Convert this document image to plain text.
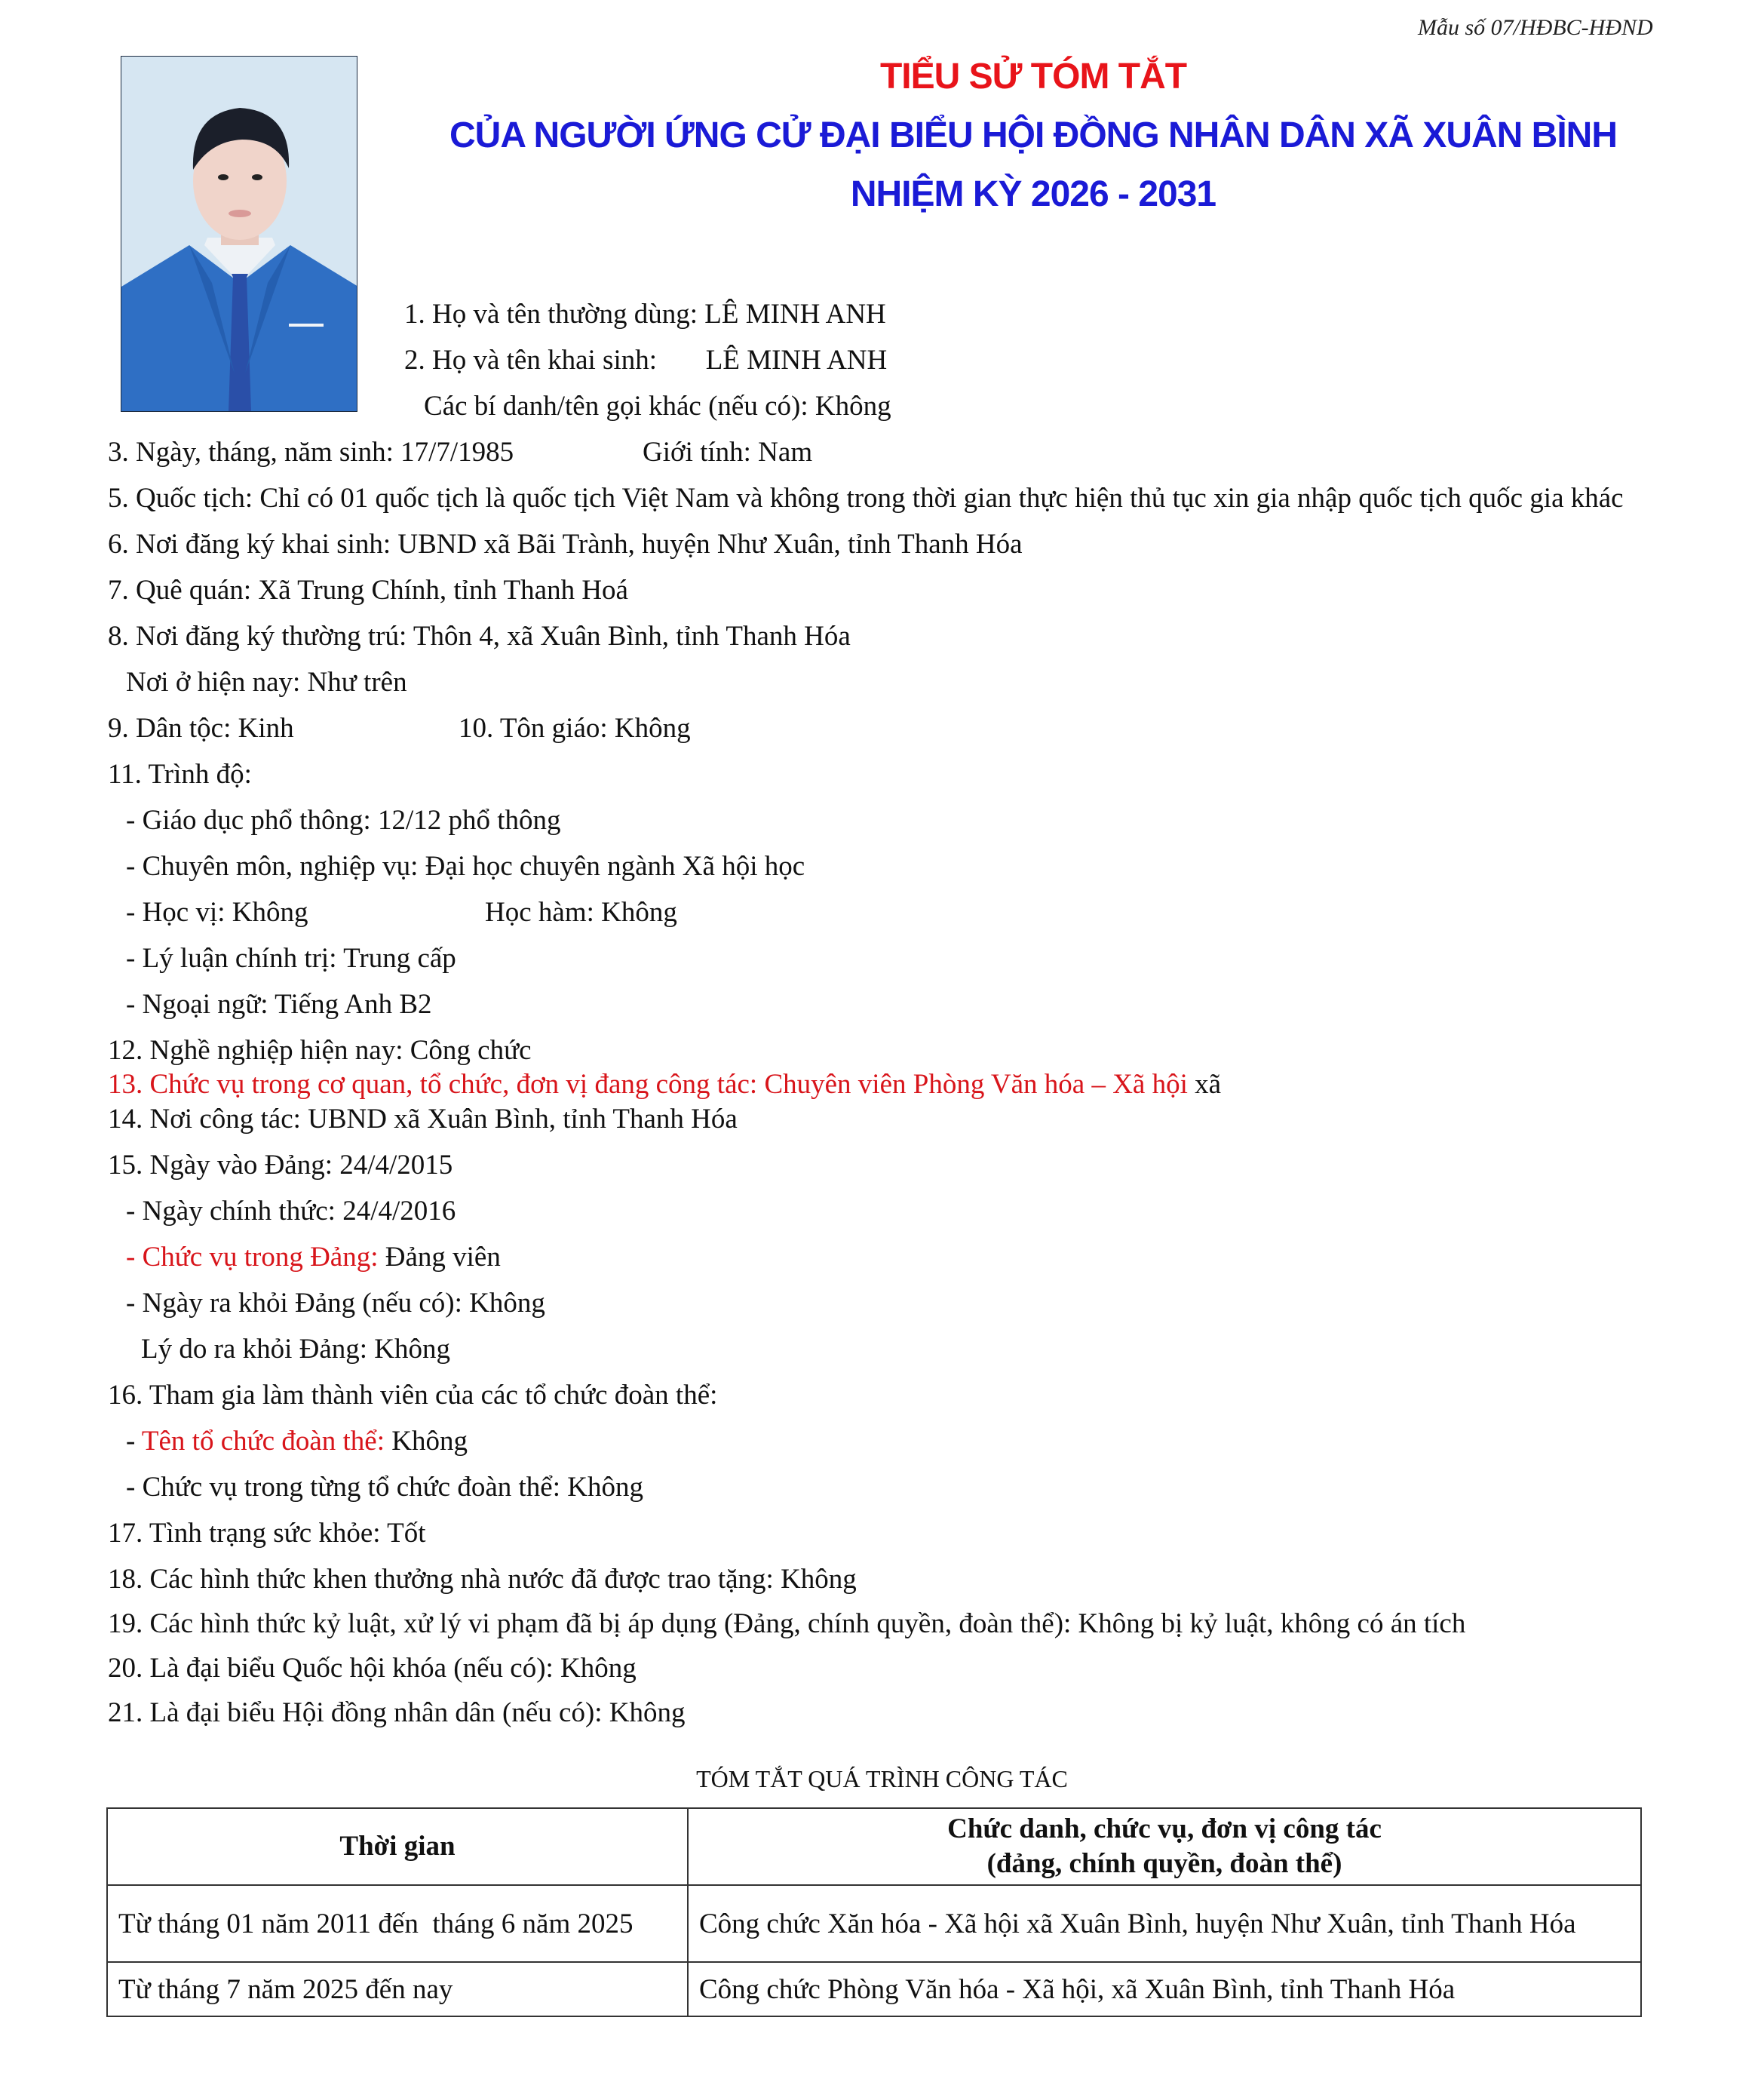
Mẫu số 07/HĐBC-HĐND
TIỂU SỬ TÓM TẮT
CỦA NGƯỜI ỨNG CỬ ĐẠI BIỂU HỘI ĐỒNG NHÂN DÂN XÃ XUÂN BÌNH
NHIỆM KỲ 2026 - 2031
1. Họ và tên thường dùng: LÊ MINH ANH
2. Họ và tên khai sinh:       LÊ MINH ANH
Các bí danh/tên gọi khác (nếu có): Không
3. Ngày, tháng, năm sinh: 17/7/1985	Giới tính: Nam
5. Quốc tịch: Chỉ có 01 quốc tịch là quốc tịch Việt Nam và không trong thời gian thực hiện thủ tục xin gia nhập quốc tịch quốc gia khác
6. Nơi đăng ký khai sinh: UBND xã Bãi Trành, huyện Như Xuân, tỉnh Thanh Hóa
7. Quê quán: Xã Trung Chính, tỉnh Thanh Hoá
8. Nơi đăng ký thường trú: Thôn 4, xã Xuân Bình, tỉnh Thanh Hóa
Nơi ở hiện nay: Như trên
9. Dân tộc: Kinh	10. Tôn giáo: Không
11. Trình độ:
- Giáo dục phổ thông: 12/12 phổ thông
- Chuyên môn, nghiệp vụ: Đại học chuyên ngành Xã hội học
- Học vị: Không	Học hàm: Không
- Lý luận chính trị: Trung cấp
- Ngoại ngữ: Tiếng Anh B2
12. Nghề nghiệp hiện nay: Công chức
13. Chức vụ trong cơ quan, tổ chức, đơn vị đang công tác: Chuyên viên Phòng Văn hóa – Xã hội xã
14. Nơi công tác: UBND xã Xuân Bình, tỉnh Thanh Hóa
15. Ngày vào Đảng: 24/4/2015
- Ngày chính thức: 24/4/2016
- Chức vụ trong Đảng: Đảng viên
- Ngày ra khỏi Đảng (nếu có): Không
Lý do ra khỏi Đảng: Không
16. Tham gia làm thành viên của các tổ chức đoàn thể:
- Tên tổ chức đoàn thể: Không
- Chức vụ trong từng tổ chức đoàn thể: Không
17. Tình trạng sức khỏe: Tốt
18. Các hình thức khen thưởng nhà nước đã được trao tặng: Không
19. Các hình thức kỷ luật, xử lý vi phạm đã bị áp dụng (Đảng, chính quyền, đoàn thể): Không bị kỷ luật, không có án tích
20. Là đại biểu Quốc hội khóa (nếu có): Không
21. Là đại biểu Hội đồng nhân dân (nếu có): Không
TÓM TẮT QUÁ TRÌNH CÔNG TÁC
Thời gian	Chức danh, chức vụ, đơn vị công tác
(đảng, chính quyền, đoàn thể)

Từ tháng 01 năm 2011 đến  tháng 6 năm 2025	Công chức Xăn hóa - Xã hội xã Xuân Bình, huyện Như Xuân, tỉnh Thanh Hóa
Từ tháng 7 năm 2025 đến nay	Công chức Phòng Văn hóa - Xã hội, xã Xuân Bình, tỉnh Thanh Hóa
